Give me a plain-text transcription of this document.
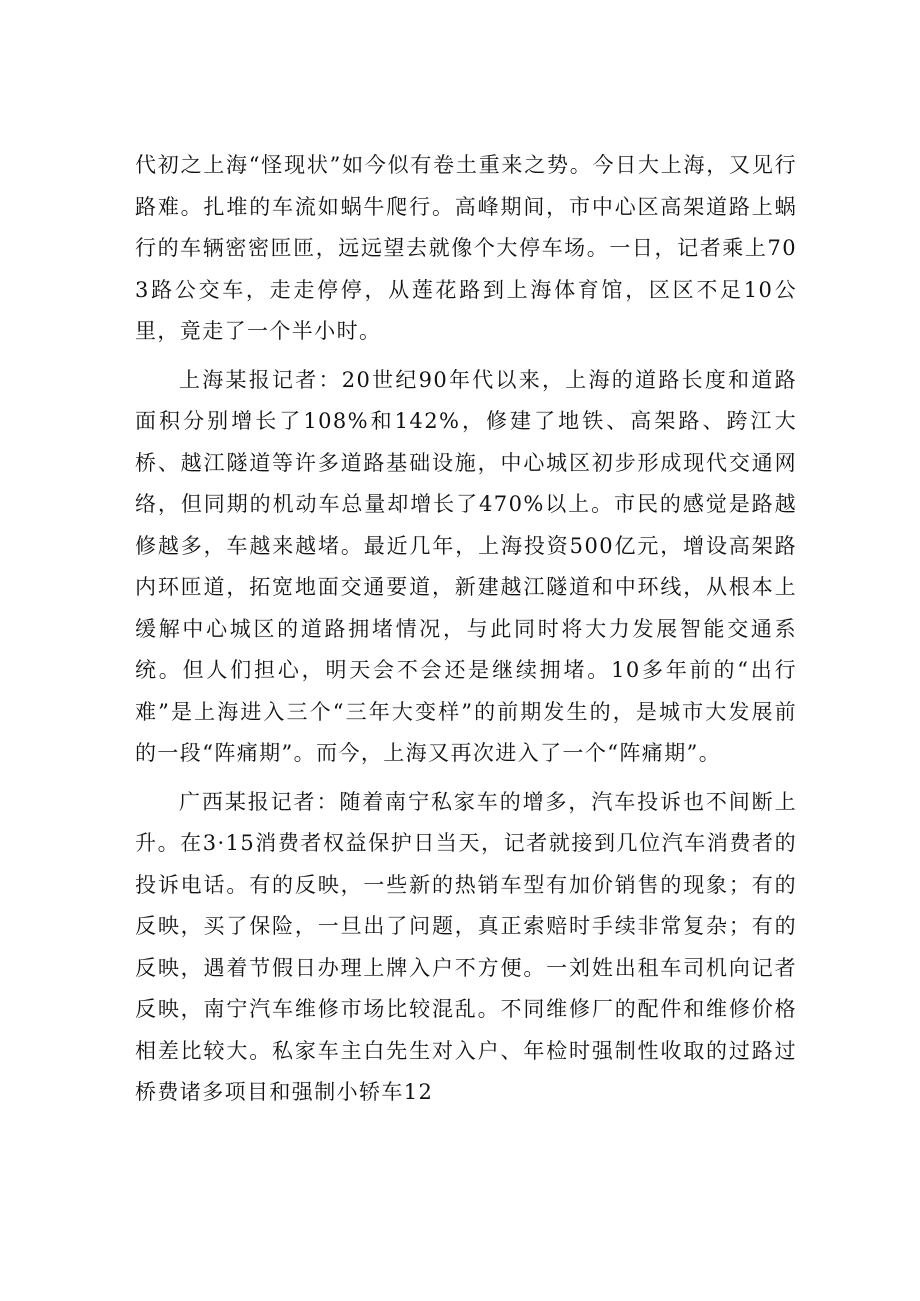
代初之上海“怪现状”如今似有卷土重来之势。今日大上海，又见行路难。扎堆的车流如蜗牛爬行。高峰期间，市中心区高架道路上蜗行的车辆密密匝匝，远远望去就像个大停车场。一日，记者乘上703路公交车，走走停停，从莲花路到上海体育馆，区区不足10公里，竟走了一个半小时。

上海某报记者：20世纪90年代以来，上海的道路长度和道路面积分别增长了108%和142%，修建了地铁、高架路、跨江大桥、越江隧道等许多道路基础设施，中心城区初步形成现代交通网络，但同期的机动车总量却增长了470%以上。市民的感觉是路越修越多，车越来越堵。最近几年，上海投资500亿元，增设高架路内环匝道，拓宽地面交通要道，新建越江隧道和中环线，从根本上缓解中心城区的道路拥堵情况，与此同时将大力发展智能交通系统。但人们担心，明天会不会还是继续拥堵。10多年前的“出行难”是上海进入三个“三年大变样”的前期发生的，是城市大发展前的一段“阵痛期”。而今，上海又再次进入了一个“阵痛期”。

广西某报记者：随着南宁私家车的增多，汽车投诉也不间断上升。在3·15消费者权益保护日当天，记者就接到几位汽车消费者的投诉电话。有的反映，一些新的热销车型有加价销售的现象；有的反映，买了保险，一旦出了问题，真正索赔时手续非常复杂；有的反映，遇着节假日办理上牌入户不方便。一刘姓出租车司机向记者反映，南宁汽车维修市场比较混乱。不同维修厂的配件和维修价格相差比较大。私家车主白先生对入户、年检时强制性收取的过路过桥费诸多项目和强制小轿车12
